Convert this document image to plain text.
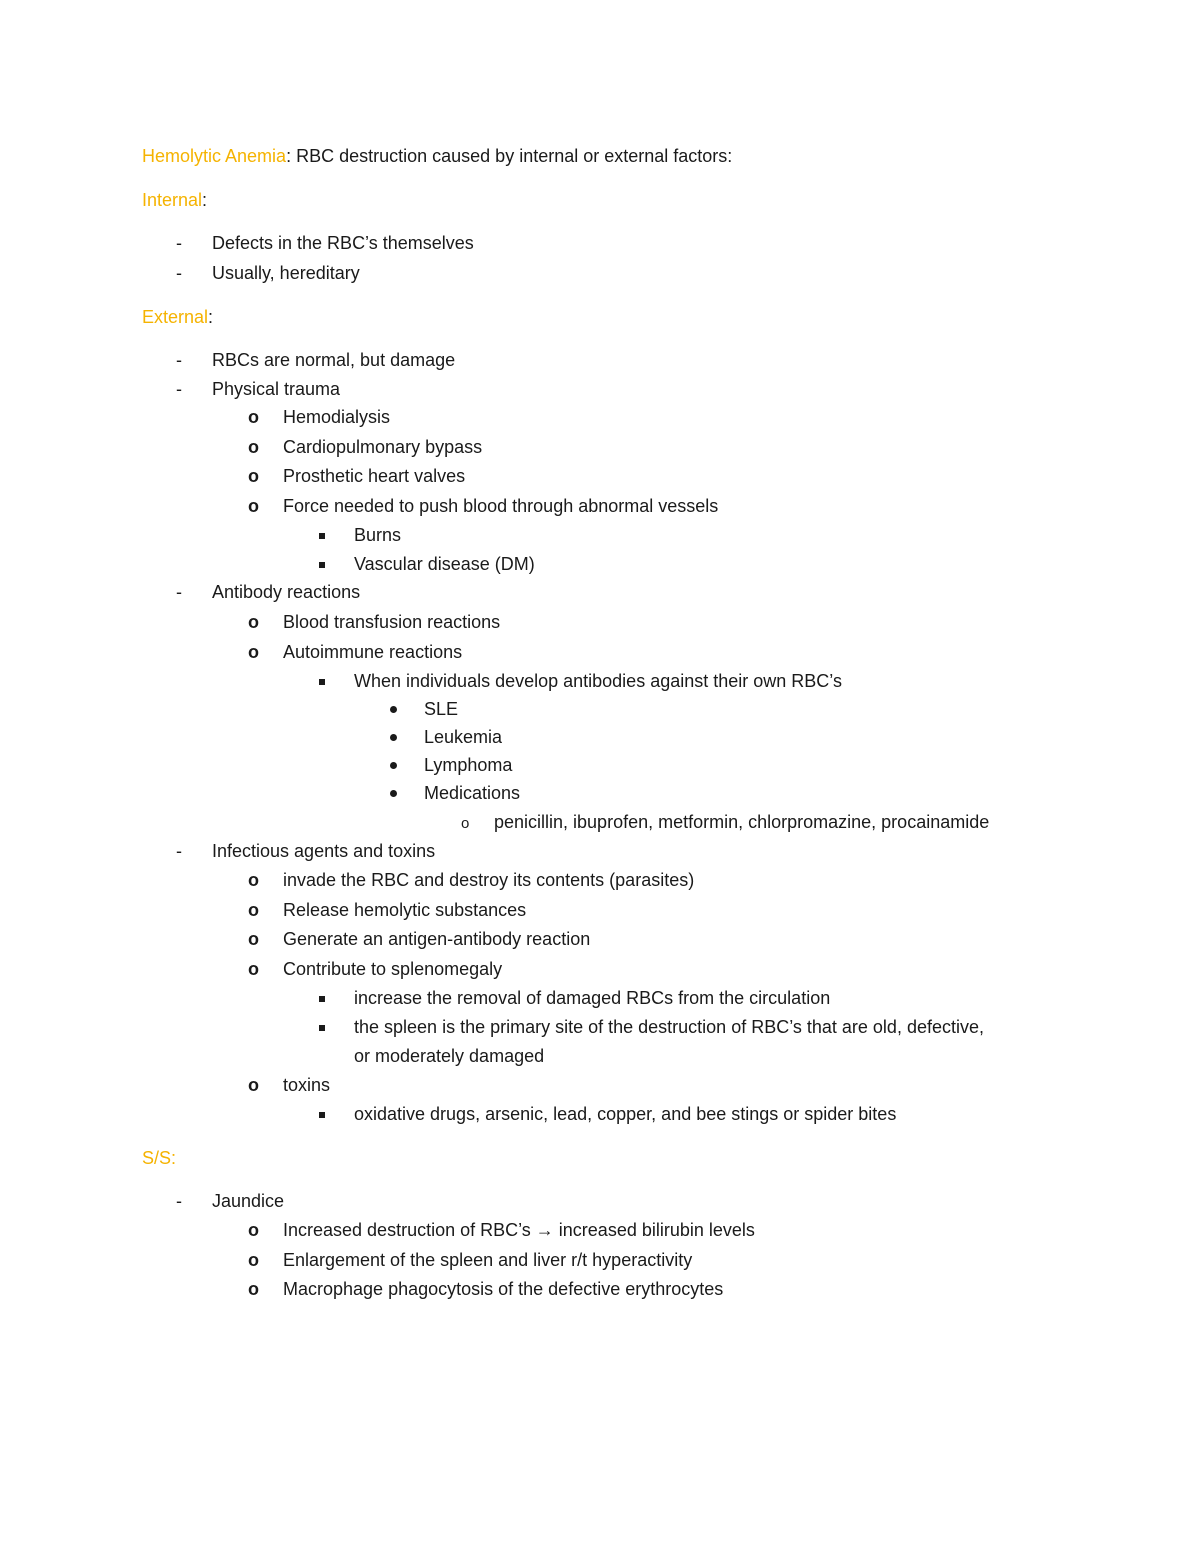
Hemolytic Anemia: RBC destruction caused by internal or external factors:
Internal:
-
Defects in the RBC’s themselves
-
Usually, hereditary
External:
-
RBCs are normal, but damage
-
Physical trauma
o
Hemodialysis
o
Cardiopulmonary bypass
o
Prosthetic heart valves
o
Force needed to push blood through abnormal vessels
Burns
Vascular disease (DM)
-
Antibody reactions
o
Blood transfusion reactions
o
Autoimmune reactions
When individuals develop antibodies against their own RBC’s
SLE
Leukemia
Lymphoma
Medications
o
penicillin, ibuprofen, metformin, chlorpromazine, procainamide
-
Infectious agents and toxins
o
invade the RBC and destroy its contents (parasites)
o
Release hemolytic substances
o
Generate an antigen-antibody reaction
o
Contribute to splenomegaly
increase the removal of damaged RBCs from the circulation
the spleen is the primary site of the destruction of RBC’s that are old, defective,
or moderately damaged
o
toxins
oxidative drugs, arsenic, lead, copper, and bee stings or spider bites
S/S:
-
Jaundice
o
Increased destruction of RBC’s → increased bilirubin levels
o
Enlargement of the spleen and liver r/t hyperactivity
o
Macrophage phagocytosis of the defective erythrocytes
